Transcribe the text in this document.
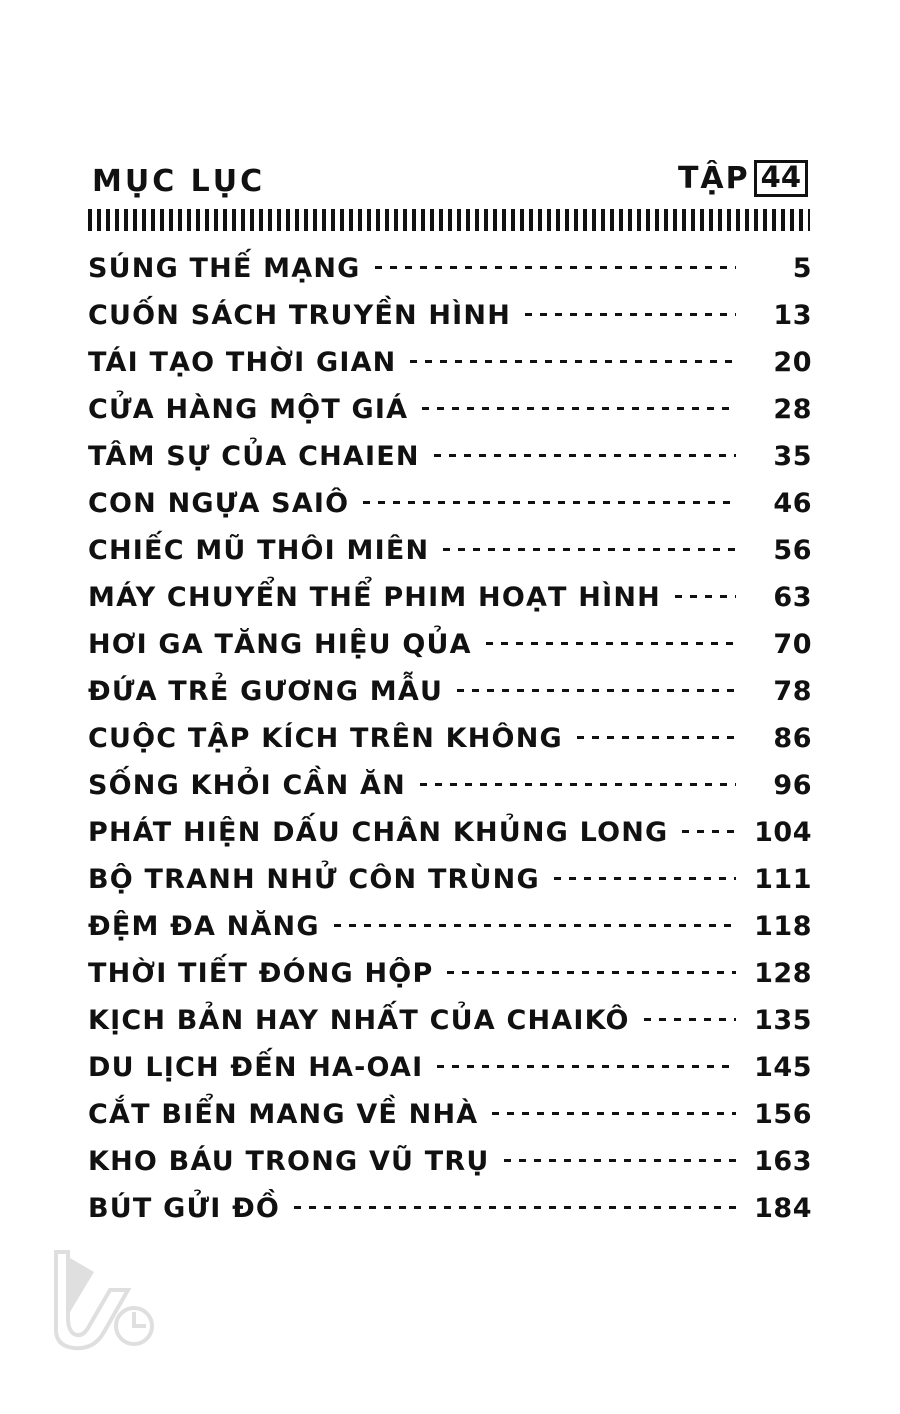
MỤC LỤC	TẬP 44
SÚNG THẾ MẠNG	5
CUỐN SÁCH TRUYỀN HÌNH	13
TÁI TẠO THỜI GIAN	20
CỬA HÀNG MỘT GIÁ	28
TÂM SỰ CỦA CHAIEN	35
CON NGỰA SAIÔ	46
CHIẾC MŨ THÔI MIÊN	56
MÁY CHUYỂN THỂ PHIM HOẠT HÌNH	63
HƠI GA TĂNG HIỆU QỦA	70
ĐỨA TRẺ GƯƠNG MẪU	78
CUỘC TẬP KÍCH TRÊN KHÔNG	86
SỐNG KHỎI CẦN ĂN	96
PHÁT HIỆN DẤU CHÂN KHỦNG LONG	104
BỘ TRANH NHỬ CÔN TRÙNG	111
ĐỆM ĐA NĂNG	118
THỜI TIẾT ĐÓNG HỘP	128
KỊCH BẢN HAY NHẤT CỦA CHAIKÔ	135
DU LỊCH ĐẾN HA-OAI	145
CẮT BIỂN MANG VỀ NHÀ	156
KHO BÁU TRONG VŨ TRỤ	163
BÚT GỬI ĐỒ	184
